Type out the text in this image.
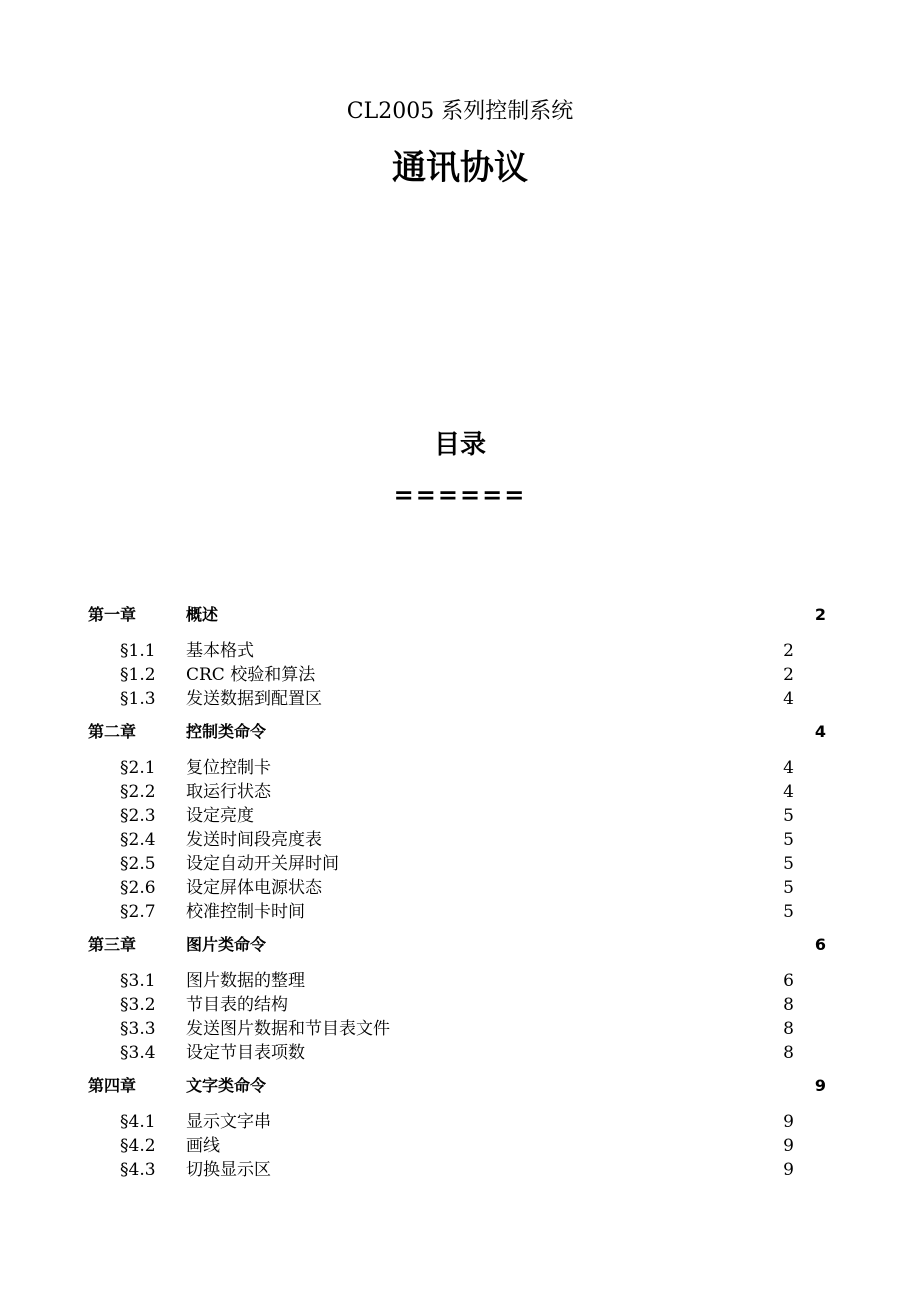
CL2005 系列控制系统
通讯协议
目录
======
第一章	概述	2
§1.1 基本格式	2
§1.2 CRC 校验和算法	2
§1.3 发送数据到配置区	4
第二章	控制类命令	4
§2.1 复位控制卡	4
§2.2 取运行状态	4
§2.3 设定亮度	5
§2.4 发送时间段亮度表	5
§2.5 设定自动开关屏时间	5
§2.6 设定屏体电源状态	5
§2.7 校准控制卡时间	5
第三章	图片类命令	6
§3.1 图片数据的整理	6
§3.2 节目表的结构	8
§3.3 发送图片数据和节目表文件	8
§3.4 设定节目表项数	8
第四章	文字类命令	9
§4.1 显示文字串	9
§4.2 画线	9
§4.3 切换显示区	9
